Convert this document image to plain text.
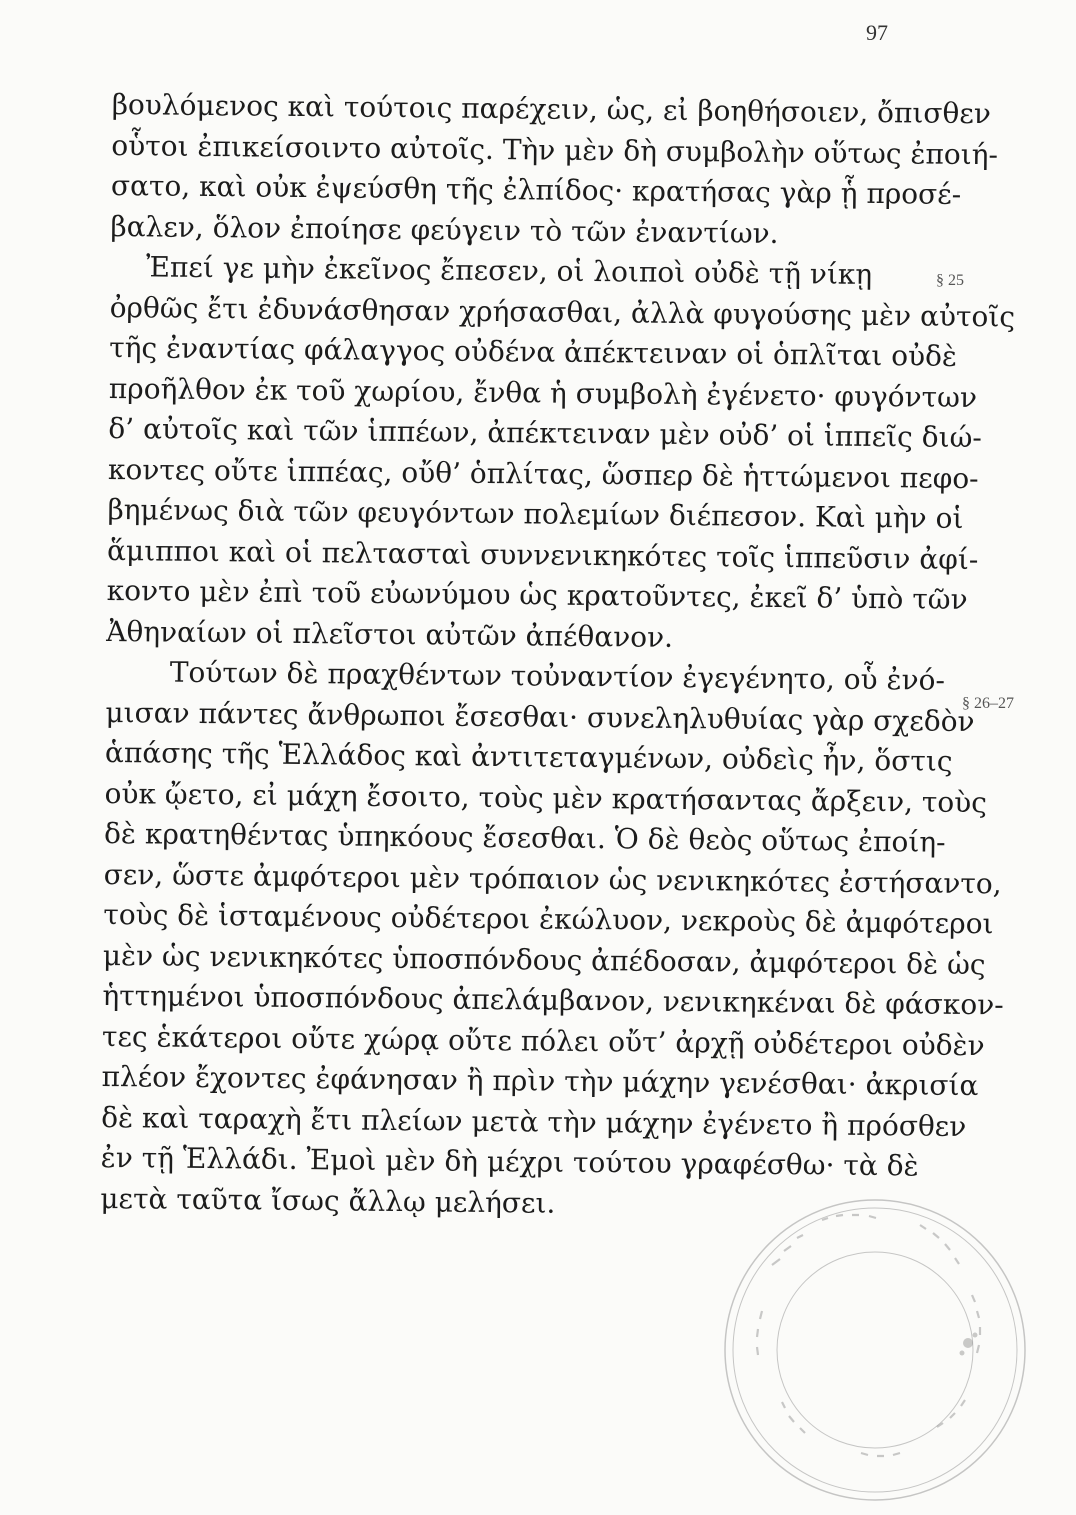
97
βουλόμενος καὶ τούτοις παρέχειν, ὡς, εἰ βοηθήσοιεν, ὄπισθεν
οὗτοι ἐπικείσοιντο αὐτοῖς. Τὴν μὲν δὴ συμβολὴν οὕτως ἐποιή-
σατο, καὶ οὐκ ἐψεύσθη τῆς ἐλπίδος· κρατήσας γὰρ ᾗ προσέ-
βαλεν, ὅλον ἐποίησε φεύγειν τὸ τῶν ἐναντίων.
Ἐπεί γε μὴν ἐκεῖνος ἔπεσεν, οἱ λοιποὶ οὐδὲ τῇ νίκῃ
ὀρθῶς ἔτι ἐδυνάσθησαν χρήσασθαι, ἀλλὰ φυγούσης μὲν αὐτοῖς
τῆς ἐναντίας φάλαγγος οὐδένα ἀπέκτειναν οἱ ὁπλῖται οὐδὲ
προῆλθον ἐκ τοῦ χωρίου, ἔνθα ἡ συμβολὴ ἐγένετο· φυγόντων
δ’ αὐτοῖς καὶ τῶν ἱππέων, ἀπέκτειναν μὲν οὐδ’ οἱ ἱππεῖς διώ-
κοντες οὔτε ἱππέας, οὔθ’ ὁπλίτας, ὥσπερ δὲ ἡττώμενοι πεφο-
βημένως διὰ τῶν φευγόντων πολεμίων διέπεσον. Καὶ μὴν οἱ
ἅμιπποι καὶ οἱ πελτασταὶ συννενικηκότες τοῖς ἱππεῦσιν ἀφί-
κοντο μὲν ἐπὶ τοῦ εὐωνύμου ὡς κρατοῦντες, ἐκεῖ δ’ ὑπὸ τῶν
Ἀθηναίων οἱ πλεῖστοι αὐτῶν ἀπέθανον.
Τούτων δὲ πραχθέντων τοὐναντίον ἐγεγένητο, οὗ ἐνό-
μισαν πάντες ἄνθρωποι ἔσεσθαι· συνεληλυθυίας γὰρ σχεδὸν
ἁπάσης τῆς Ἑλλάδος καὶ ἀντιτεταγμένων, οὐδεὶς ἦν, ὅστις
οὐκ ᾤετο, εἰ μάχη ἔσοιτο, τοὺς μὲν κρατήσαντας ἄρξειν, τοὺς
δὲ κρατηθέντας ὑπηκόους ἔσεσθαι. Ὁ δὲ θεὸς οὕτως ἐποίη-
σεν, ὥστε ἀμφότεροι μὲν τρόπαιον ὡς νενικηκότες ἐστήσαντο,
τοὺς δὲ ἱσταμένους οὐδέτεροι ἐκώλυον, νεκροὺς δὲ ἀμφότεροι
μὲν ὡς νενικηκότες ὑποσπόνδους ἀπέδοσαν, ἀμφότεροι δὲ ὡς
ἡττημένοι ὑποσπόνδους ἀπελάμβανον, νενικηκέναι δὲ φάσκον-
τες ἑκάτεροι οὔτε χώρᾳ οὔτε πόλει οὔτ’ ἀρχῇ οὐδέτεροι οὐδὲν
πλέον ἔχοντες ἐφάνησαν ἢ πρὶν τὴν μάχην γενέσθαι· ἀκρισία
δὲ καὶ ταραχὴ ἔτι πλείων μετὰ τὴν μάχην ἐγένετο ἢ πρόσθεν
ἐν τῇ Ἑλλάδι. Ἐμοὶ μὲν δὴ μέχρι τούτου γραφέσθω· τὰ δὲ
μετὰ ταῦτα ἴσως ἄλλῳ μελήσει.
§ 25
§ 26–27
